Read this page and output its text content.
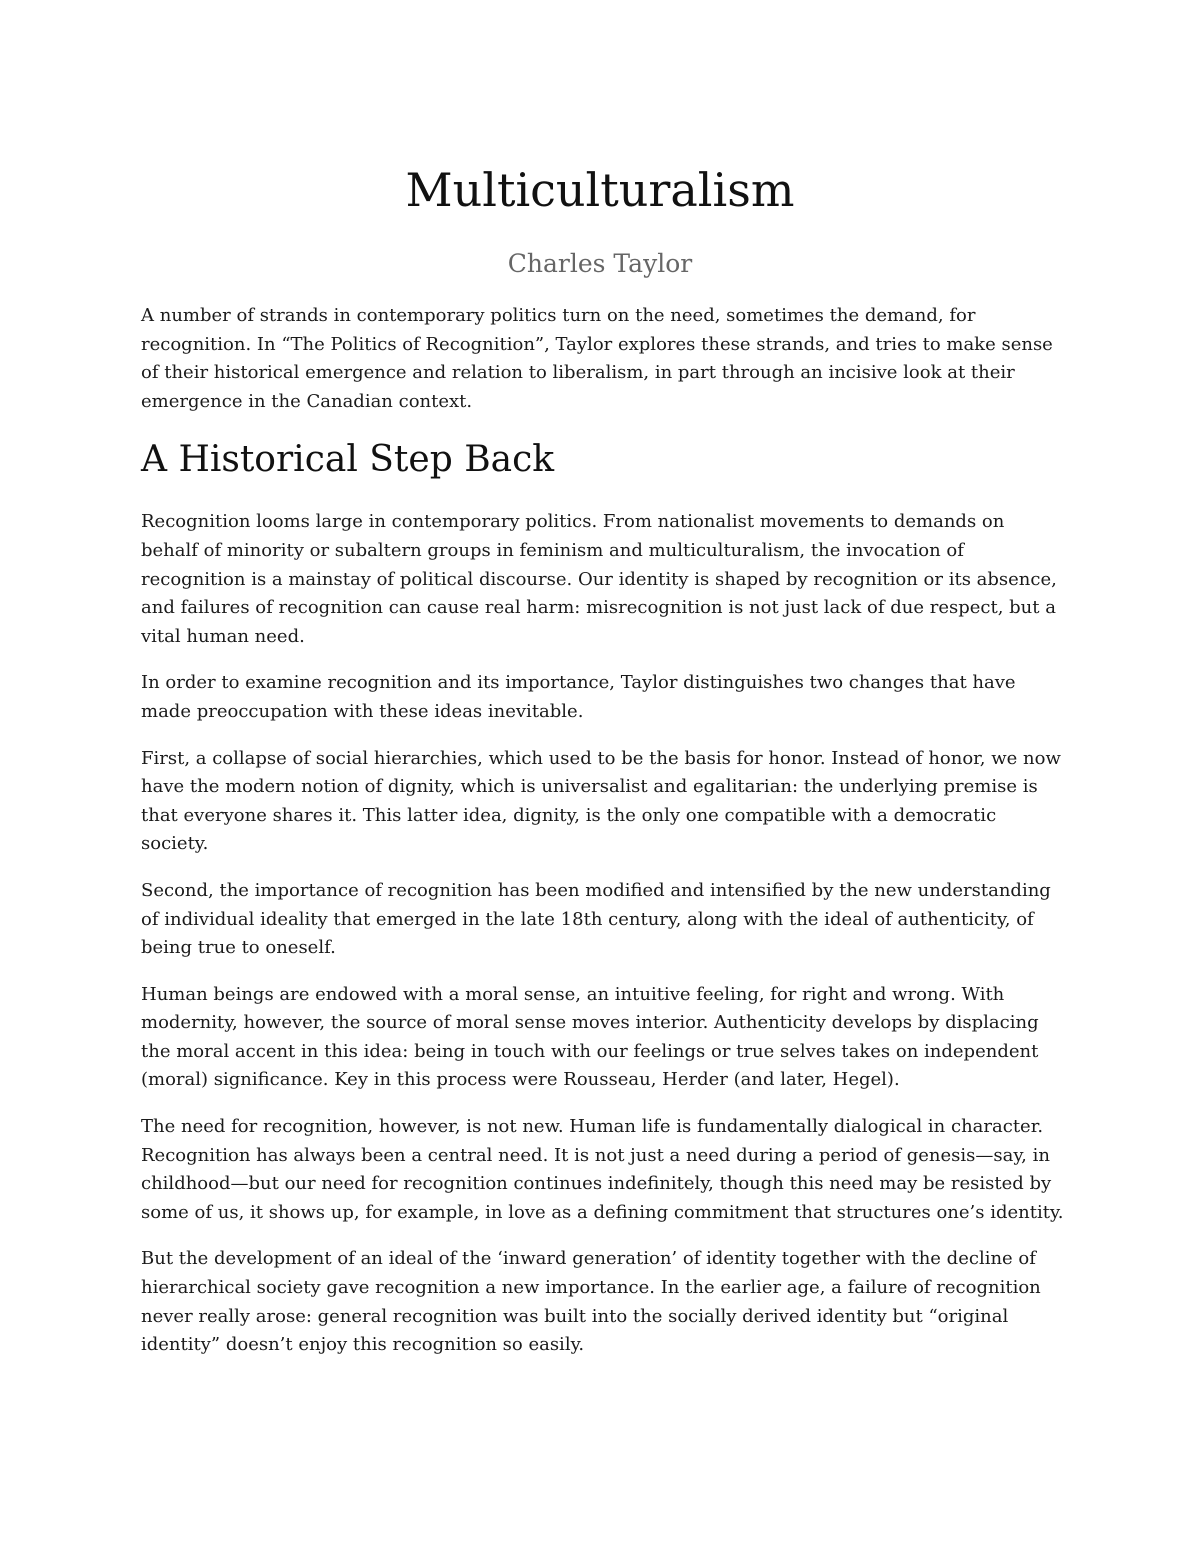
Multiculturalism
Charles Taylor

A number of strands in contemporary politics turn on the need, sometimes the demand, for recognition. In “The Politics of Recognition”, Taylor explores these strands, and tries to make sense of their historical emergence and relation to liberalism, in part through an incisive look at their emergence in the Canadian context.

A Historical Step Back

Recognition looms large in contemporary politics. From nationalist movements to demands on behalf of minority or subaltern groups in feminism and multiculturalism, the invocation of recognition is a mainstay of political discourse. Our identity is shaped by recognition or its absence, and failures of recognition can cause real harm: misrecognition is not just lack of due respect, but a vital human need.

In order to examine recognition and its importance, Taylor distinguishes two changes that have made preoccupation with these ideas inevitable.

First, a collapse of social hierarchies, which used to be the basis for honor. Instead of honor, we now have the modern notion of dignity, which is universalist and egalitarian: the underlying premise is that everyone shares it. This latter idea, dignity, is the only one compatible with a democratic society.

Second, the importance of recognition has been modified and intensified by the new understanding of individual ideality that emerged in the late 18th century, along with the ideal of authenticity, of being true to oneself.

Human beings are endowed with a moral sense, an intuitive feeling, for right and wrong. With modernity, however, the source of moral sense moves interior. Authenticity develops by displacing the moral accent in this idea: being in touch with our feelings or true selves takes on independent (moral) significance. Key in this process were Rousseau, Herder (and later, Hegel).

The need for recognition, however, is not new. Human life is fundamentally dialogical in character. Recognition has always been a central need. It is not just a need during a period of genesis—say, in childhood—but our need for recognition continues indefinitely, though this need may be resisted by some of us, it shows up, for example, in love as a defining commitment that structures one’s identity.

But the development of an ideal of the ‘inward generation’ of identity together with the decline of hierarchical society gave recognition a new importance. In the earlier age, a failure of recognition never really arose: general recognition was built into the socially derived identity but “original identity” doesn’t enjoy this recognition so easily.
